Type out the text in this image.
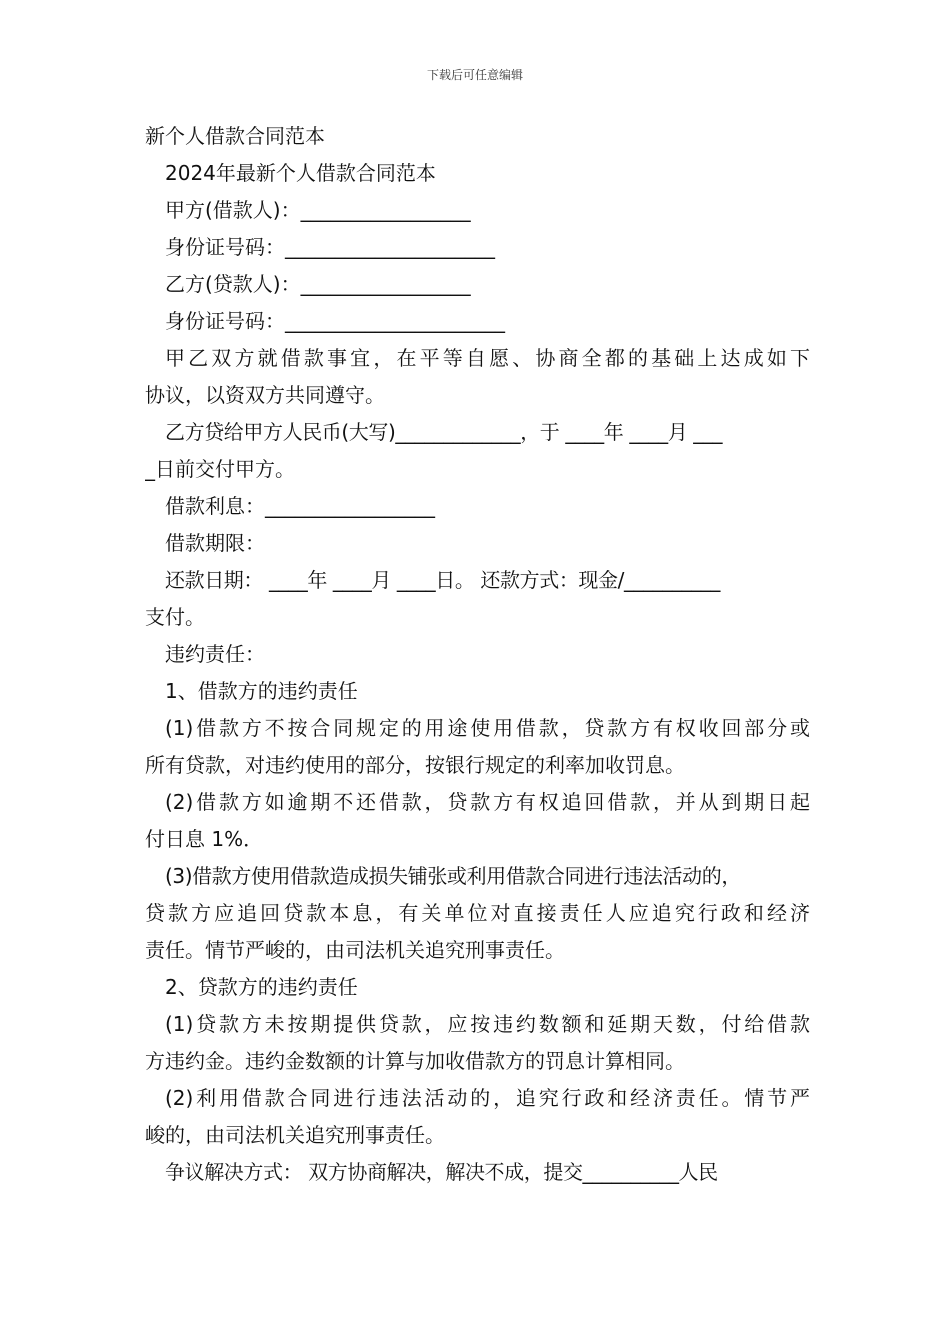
下载后可任意编辑
新个人借款合同范本
2024年最新个人借款合同范本
甲方(借款人)：_________________
身份证号码：_____________________
乙方(贷款人)：_________________
身份证号码：______________________
甲乙双方就借款事宜，在平等自愿、协商全都的基础上达成如下
协议，以资双方共同遵守。
乙方贷给甲方人民币(大写)_____________，于 ____年 ____月 ___
_日前交付甲方。
借款利息：_________________
借款期限：
还款日期： ____年 ____月 ____日。 还款方式：现金/__________
支付。
违约责任：
1、借款方的违约责任
(1)借款方不按合同规定的用途使用借款，贷款方有权收回部分或
所有贷款，对违约使用的部分，按银行规定的利率加收罚息。
(2)借款方如逾期不还借款，贷款方有权追回借款，并从到期日起
付日息 1%．
(3)借款方使用借款造成损失铺张或利用借款合同进行违法活动的，
贷款方应追回贷款本息，有关单位对直接责任人应追究行政和经济
责任。情节严峻的，由司法机关追究刑事责任。
2、贷款方的违约责任
(1)贷款方未按期提供贷款，应按违约数额和延期天数，付给借款
方违约金。违约金数额的计算与加收借款方的罚息计算相同。
(2)利用借款合同进行违法活动的，追究行政和经济责任。情节严
峻的，由司法机关追究刑事责任。
争议解决方式： 双方协商解决，解决不成，提交__________人民
